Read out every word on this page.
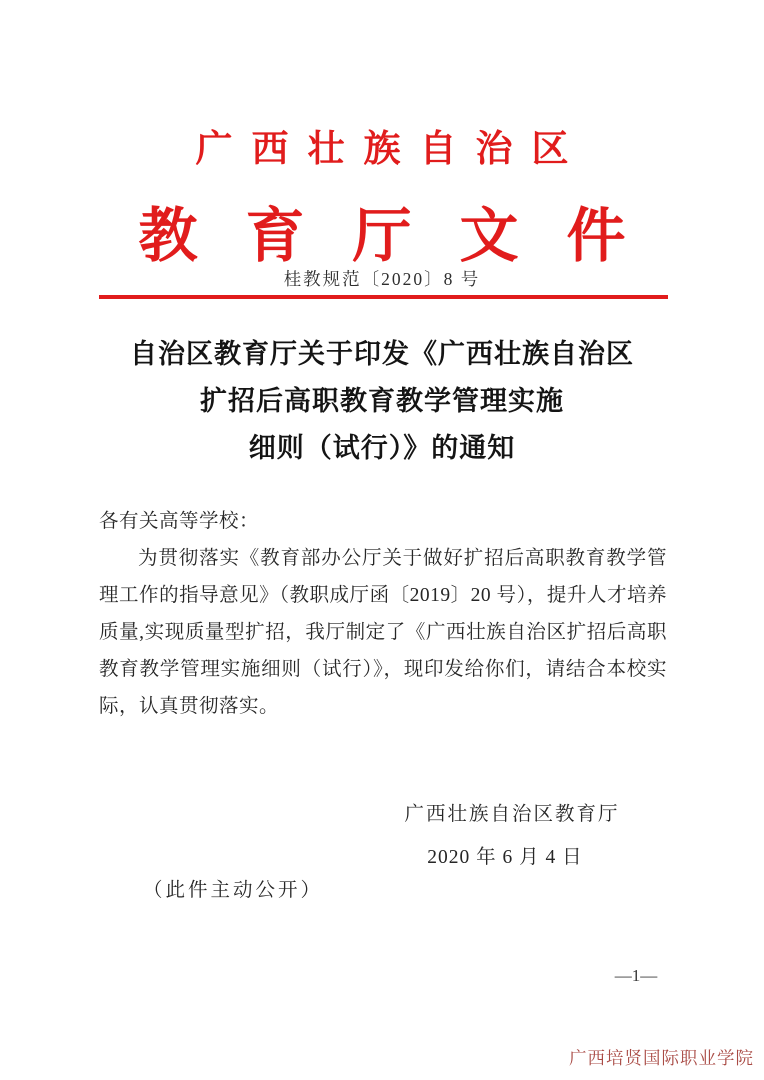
广西壮族自治区
教育厅文件
桂教规范〔2020〕8 号
自治区教育厅关于印发《广西壮族自治区
扩招后高职教育教学管理实施
细则（试行）》的通知
各有关高等学校：

为贯彻落实《教育部办公厅关于做好扩招后高职教育教学管理工作的指导意见》（教职成厅函〔2019〕20 号），提升人才培养质量,实现质量型扩招，我厅制定了《广西壮族自治区扩招后高职教育教学管理实施细则（试行）》，现印发给你们，请结合本校实际，认真贯彻落实。

广西壮族自治区教育厅
2020 年 6 月 4 日
（此件主动公开）
—1—
广西培贤国际职业学院
